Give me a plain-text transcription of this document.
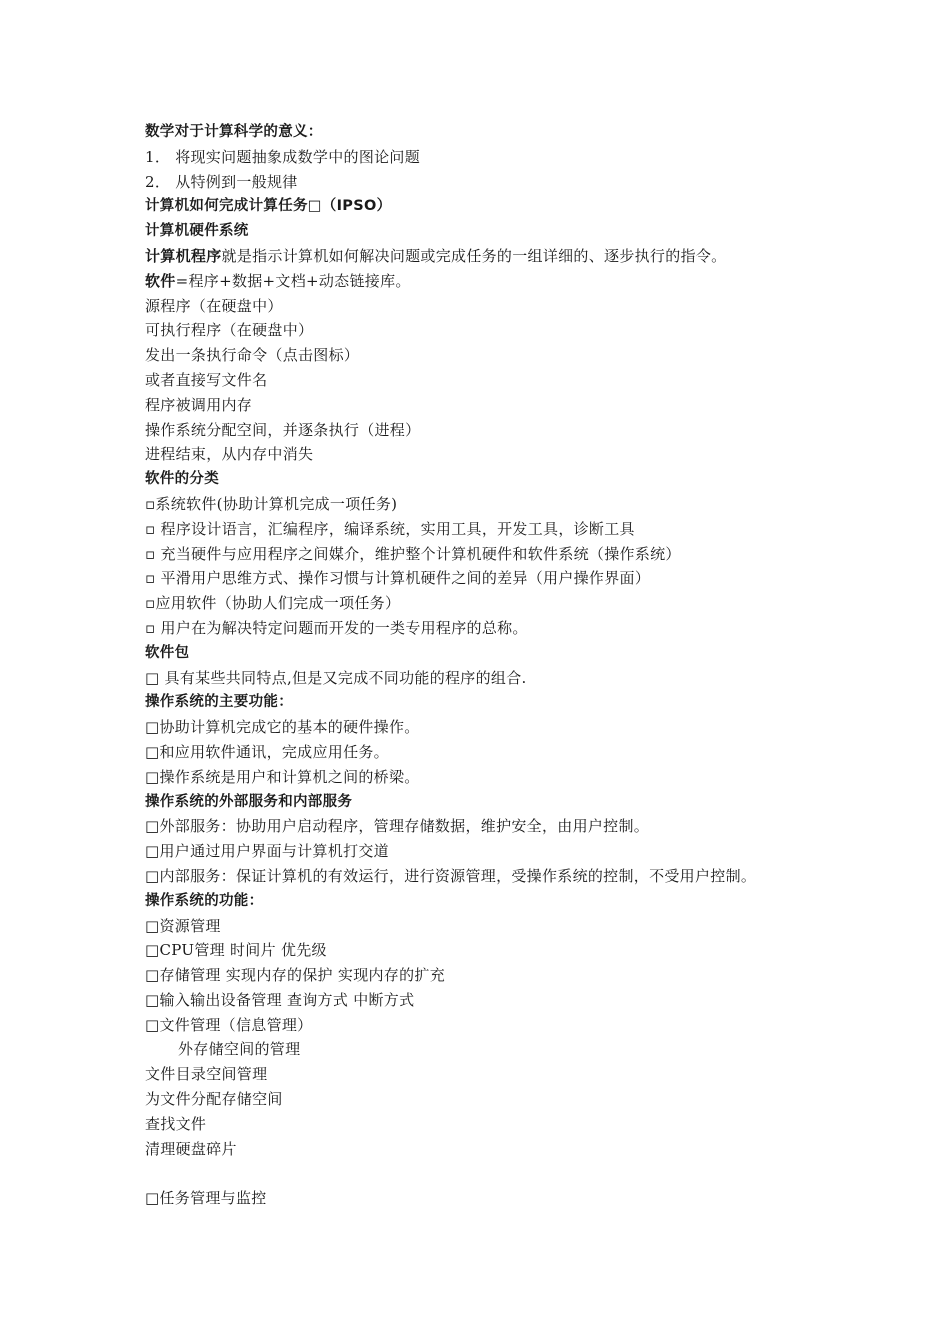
数学对于计算科学的意义：
1． 将现实问题抽象成数学中的图论问题
2． 从特例到一般规律
计算机如何完成计算任务□（IPSO）
计算机硬件系统
计算机程序就是指示计算机如何解决问题或完成任务的一组详细的、逐步执行的指令。
软件=程序+数据+文档+动态链接库。
源程序（在硬盘中）
可执行程序（在硬盘中）
发出一条执行命令（点击图标）
或者直接写文件名
程序被调用内存
操作系统分配空间，并逐条执行（进程）
进程结束，从内存中消失
软件的分类
▫系统软件(协助计算机完成一项任务)
▫ 程序设计语言，汇编程序，编译系统，实用工具，开发工具，诊断工具
▫ 充当硬件与应用程序之间媒介，维护整个计算机硬件和软件系统（操作系统）
▫ 平滑用户思维方式、操作习惯与计算机硬件之间的差异（用户操作界面）
▫应用软件（协助人们完成一项任务）
▫ 用户在为解决特定问题而开发的一类专用程序的总称。
软件包
□ 具有某些共同特点,但是又完成不同功能的程序的组合.
操作系统的主要功能：
□协助计算机完成它的基本的硬件操作。
□和应用软件通讯，完成应用任务。
□操作系统是用户和计算机之间的桥梁。
操作系统的外部服务和内部服务
□外部服务：协助用户启动程序，管理存储数据，维护安全，由用户控制。
□用户通过用户界面与计算机打交道
□内部服务：保证计算机的有效运行，进行资源管理，受操作系统的控制，不受用户控制。
操作系统的功能：
□资源管理
□CPU管理 时间片 优先级
□存储管理 实现内存的保护 实现内存的扩充
□输入输出设备管理 查询方式 中断方式
□文件管理（信息管理）
外存储空间的管理
文件目录空间管理
为文件分配存储空间
查找文件
清理硬盘碎片
□任务管理与监控
